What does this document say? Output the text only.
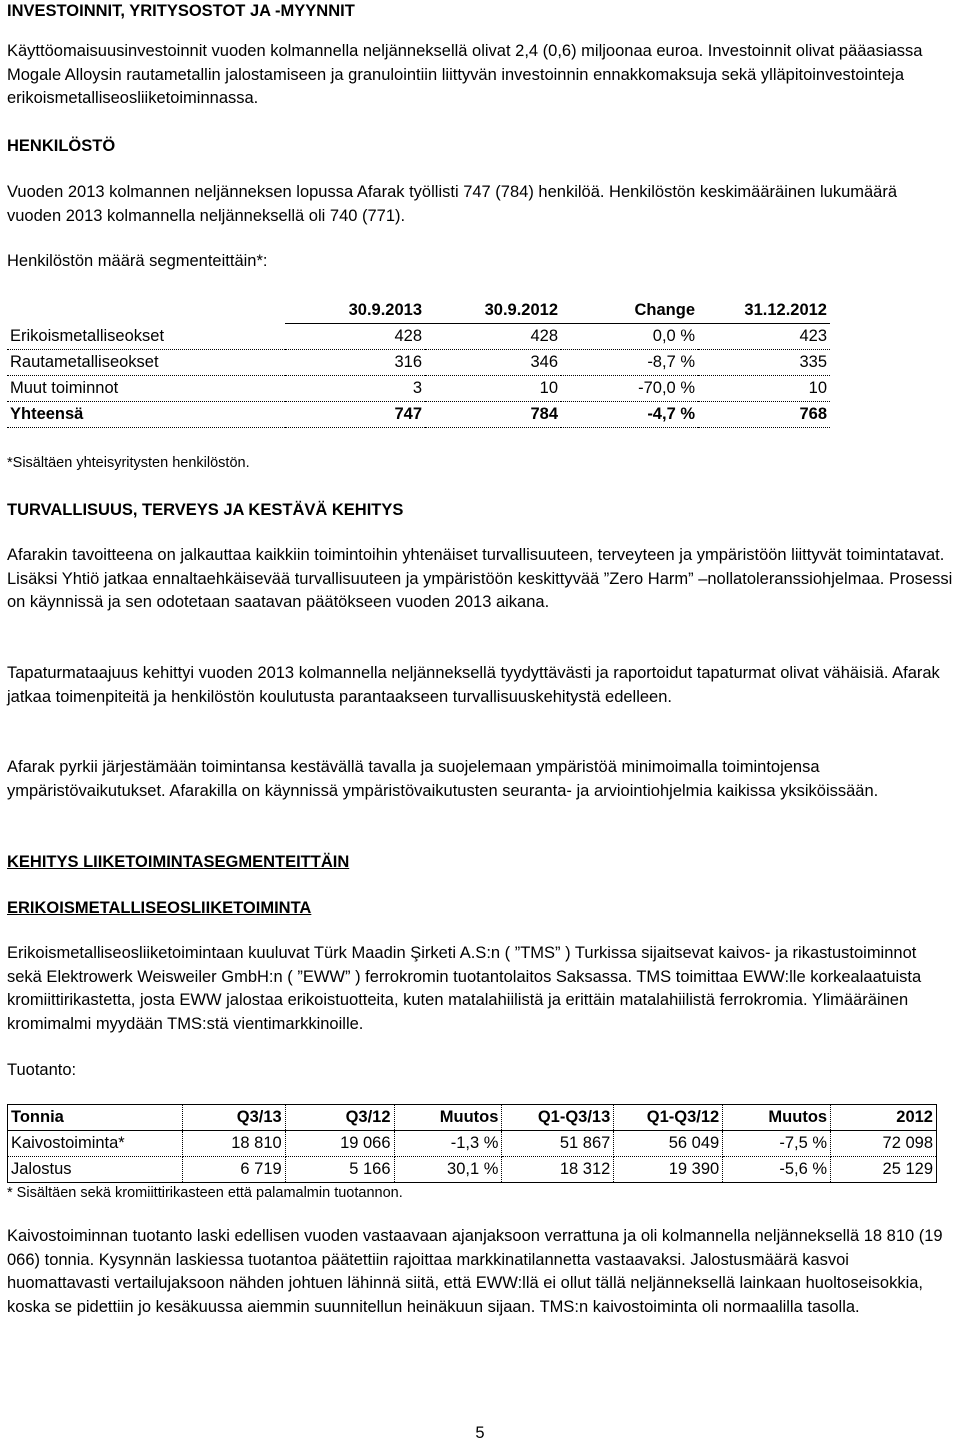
INVESTOINNIT, YRITYSOSTOT JA -MYYNNIT

Käyttöomaisuusinvestoinnit vuoden kolmannella neljänneksellä olivat 2,4 (0,6) miljoonaa euroa. Investoinnit olivat pääasiassa Mogale Alloysin rautametallin jalostamiseen ja granulointiin liittyvän investoinnin ennakkomaksuja sekä ylläpitoinvestointeja erikoismetalliseosliiketoiminnassa.

HENKILÖSTÖ

Vuoden 2013 kolmannen neljänneksen lopussa Afarak työllisti 747 (784) henkilöä. Henkilöstön keskimääräinen lukumäärä vuoden 2013 kolmannella neljänneksellä oli 740 (771).

Henkilöstön määrä segmenteittäin*:

	30.9.2013	30.9.2012	Change	31.12.2012
Erikoismetalliseokset	428	428	0,0 %	423
Rautametalliseokset	316	346	-8,7 %	335
Muut toiminnot	3	10	-70,0 %	10
Yhteensä	747	784	-4,7 %	768

*Sisältäen yhteisyritysten henkilöstön.

TURVALLISUUS, TERVEYS JA KESTÄVÄ KEHITYS

Afarakin tavoitteena on jalkauttaa kaikkiin toimintoihin yhtenäiset turvallisuuteen, terveyteen ja ympäristöön liittyvät toimintatavat. Lisäksi Yhtiö jatkaa ennaltaehkäisevää turvallisuuteen ja ympäristöön keskittyvää ”Zero Harm” –nollatoleranssiohjelmaa. Prosessi on käynnissä ja sen odotetaan saatavan päätökseen vuoden 2013 aikana.

Tapaturmataajuus kehittyi vuoden 2013 kolmannella neljänneksellä tyydyttävästi ja raportoidut tapaturmat olivat vähäisiä. Afarak jatkaa toimenpiteitä ja henkilöstön koulutusta parantaakseen turvallisuuskehitystä edelleen.

Afarak pyrkii järjestämään toimintansa kestävällä tavalla ja suojelemaan ympäristöä minimoimalla toimintojensa ympäristövaikutukset. Afarakilla on käynnissä ympäristövaikutusten seuranta- ja arviointiohjelmia kaikissa yksiköissään.

KEHITYS LIIKETOIMINTASEGMENTEITTÄIN
ERIKOISMETALLISEOSLIIKETOIMINTA

Erikoismetalliseosliiketoimintaan kuuluvat Türk Maadin Şirketi A.S:n ( ”TMS” ) Turkissa sijaitsevat kaivos- ja rikastustoiminnot sekä Elektrowerk Weisweiler GmbH:n ( ”EWW” ) ferrokromin tuotantolaitos Saksassa. TMS toimittaa EWW:lle korkealaatuista kromiittirikastetta, josta EWW jalostaa erikoistuotteita, kuten matalahiilistä ja erittäin matalahiilistä ferrokromia. Ylimääräinen kromimalmi myydään TMS:stä vientimarkkinoille.

Tuotanto:

Tonnia	Q3/13	Q3/12	Muutos	Q1-Q3/13	Q1-Q3/12	Muutos	2012
Kaivostoiminta*	18 810	19 066	-1,3 %	51 867	56 049	-7,5 %	72 098
Jalostus	6 719	5 166	30,1 %	18 312	19 390	-5,6 %	25 129

* Sisältäen sekä kromiittirikasteen että palamalmin tuotannon.

Kaivostoiminnan tuotanto laski edellisen vuoden vastaavaan ajanjaksoon verrattuna ja oli kolmannella neljänneksellä 18 810 (19 066) tonnia. Kysynnän laskiessa tuotantoa päätettiin rajoittaa markkinatilannetta vastaavaksi. Jalostusmäärä kasvoi huomattavasti vertailujaksoon nähden johtuen lähinnä siitä, että EWW:llä ei ollut tällä neljänneksellä lainkaan huoltoseisokkia, koska se pidettiin jo kesäkuussa aiemmin suunnitellun heinäkuun sijaan. TMS:n kaivostoiminta oli normaalilla tasolla.

5
